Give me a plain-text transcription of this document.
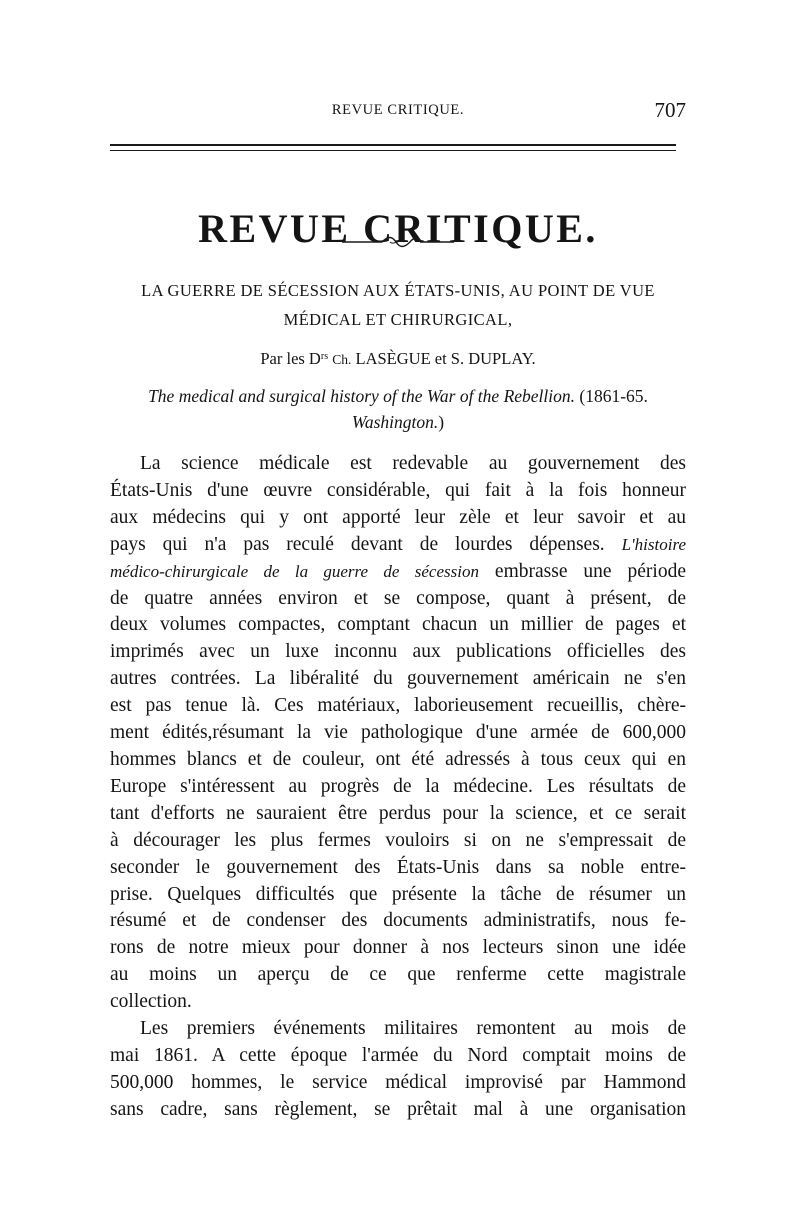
REVUE CRITIQUE.	707
REVUE CRITIQUE.
LA GUERRE DE SÉCESSION AUX ÉTATS-UNIS, AU POINT DE VUE
MÉDICAL ET CHIRURGICAL,
Par les $D^{rs}$ Ch. LASÈGUE et S. DUPLAY.
The medical and surgical history of the War of the Rebellion. (1861-65.
Washington.)
La science médicale est redevable au gouvernement des
États-Unis d'une œuvre considérable, qui fait à la fois honneur
aux médecins qui y ont apporté leur zèle et leur savoir et au
pays qui n'a pas reculé devant de lourdes dépenses. L'histoire
médico-chirurgicale de la guerre de sécession embrasse une période
de quatre années environ et se compose, quant à présent, de
deux volumes compactes, comptant chacun un millier de pages et
imprimés avec un luxe inconnu aux publications officielles des
autres contrées. La libéralité du gouvernement américain ne s'en
est pas tenue là. Ces matériaux, laborieusement recueillis, chère-
ment édités,résumant la vie pathologique d'une armée de 600,000
hommes blancs et de couleur, ont été adressés à tous ceux qui en
Europe s'intéressent au progrès de la médecine. Les résultats de
tant d'efforts ne sauraient être perdus pour la science, et ce serait
à décourager les plus fermes vouloirs si on ne s'empressait de
seconder le gouvernement des États-Unis dans sa noble entre-
prise. Quelques difficultés que présente la tâche de résumer un
résumé et de condenser des documents administratifs, nous fe-
rons de notre mieux pour donner à nos lecteurs sinon une idée
au moins un aperçu de ce que renferme cette magistrale
collection.
Les premiers événements militaires remontent au mois de
mai 1861. A cette époque l'armée du Nord comptait moins de
500,000 hommes, le service médical improvisé par Hammond
sans cadre, sans règlement, se prêtait mal à une organisation
